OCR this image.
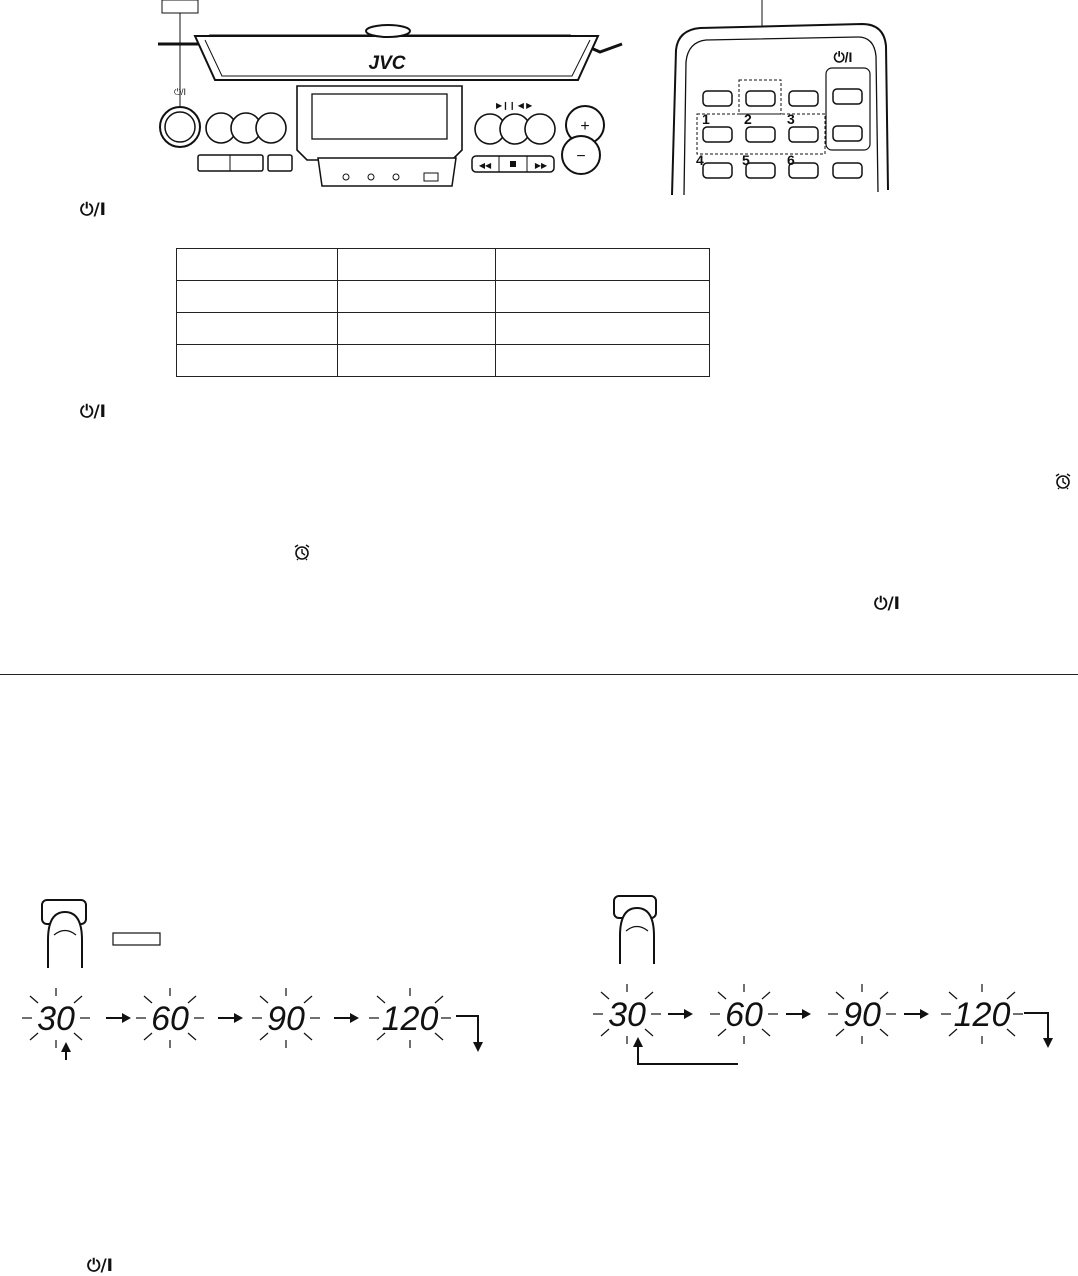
JVC
⏻/I
▶❙❙ ◀ ▶
◀◀	▶▶
+
−
⏻/I
1 2	3
4	5	6
⏻/I
⏻/I
⏻/I
⏻/I

30 60 90 120	30 60 90 120
